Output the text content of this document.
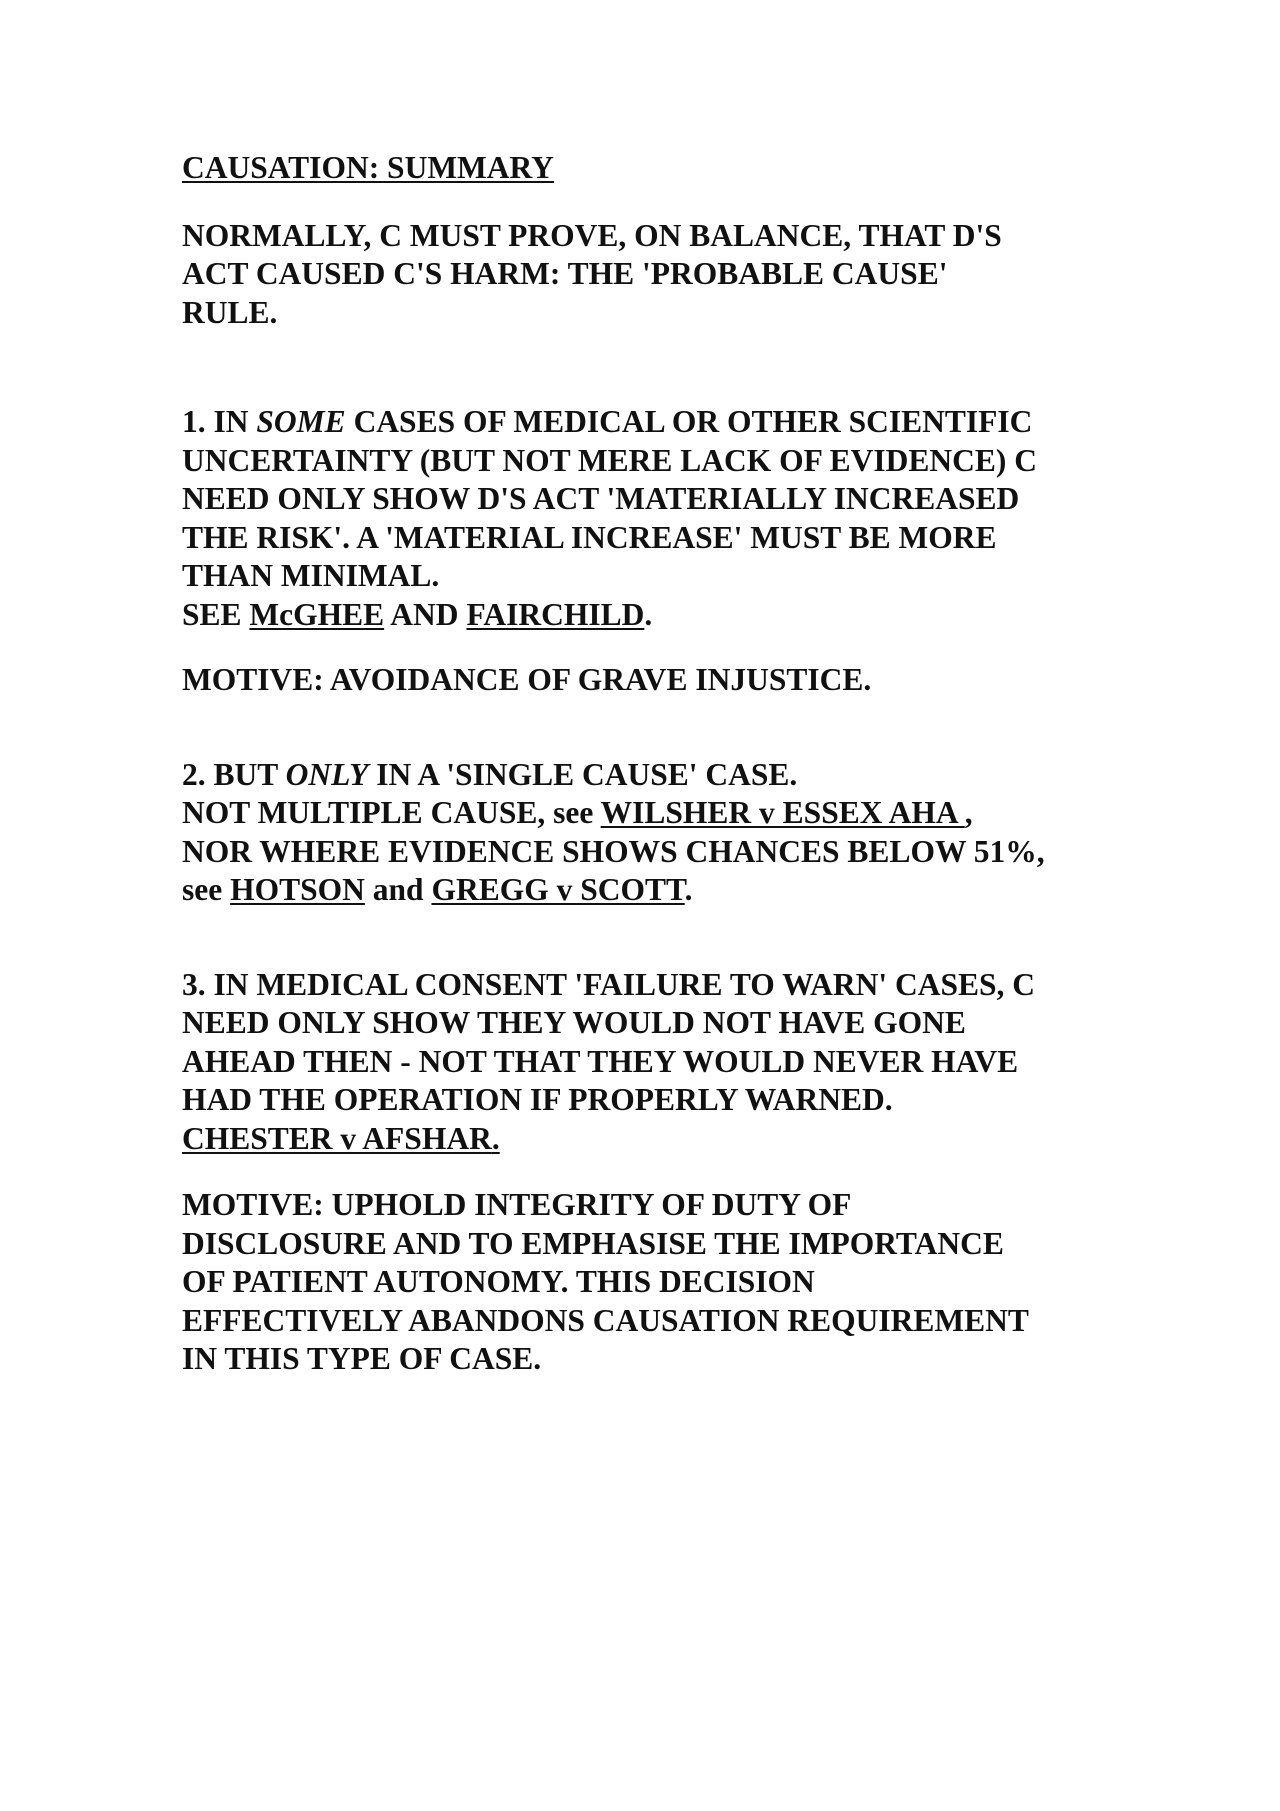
CAUSATION: SUMMARY
NORMALLY, C MUST PROVE, ON BALANCE, THAT D'S
ACT CAUSED C'S HARM: THE 'PROBABLE CAUSE'
RULE.
1. IN SOME CASES OF MEDICAL OR OTHER SCIENTIFIC
UNCERTAINTY (BUT NOT MERE LACK OF EVIDENCE) C
NEED ONLY SHOW D'S ACT 'MATERIALLY INCREASED
THE RISK'. A 'MATERIAL INCREASE' MUST BE MORE
THAN MINIMAL.
SEE McGHEE AND FAIRCHILD.
MOTIVE: AVOIDANCE OF GRAVE INJUSTICE.
2. BUT ONLY IN A 'SINGLE CAUSE' CASE.
NOT MULTIPLE CAUSE, see WILSHER v ESSEX AHA ,
NOR WHERE EVIDENCE SHOWS CHANCES BELOW 51%,
see HOTSON and GREGG v SCOTT.
3. IN MEDICAL CONSENT 'FAILURE TO WARN' CASES, C
NEED ONLY SHOW THEY WOULD NOT HAVE GONE
AHEAD THEN - NOT THAT THEY WOULD NEVER HAVE
HAD THE OPERATION IF PROPERLY WARNED.
CHESTER v AFSHAR.
MOTIVE: UPHOLD INTEGRITY OF DUTY OF
DISCLOSURE AND TO EMPHASISE THE IMPORTANCE
OF PATIENT AUTONOMY. THIS DECISION
EFFECTIVELY ABANDONS CAUSATION REQUIREMENT
IN THIS TYPE OF CASE.
